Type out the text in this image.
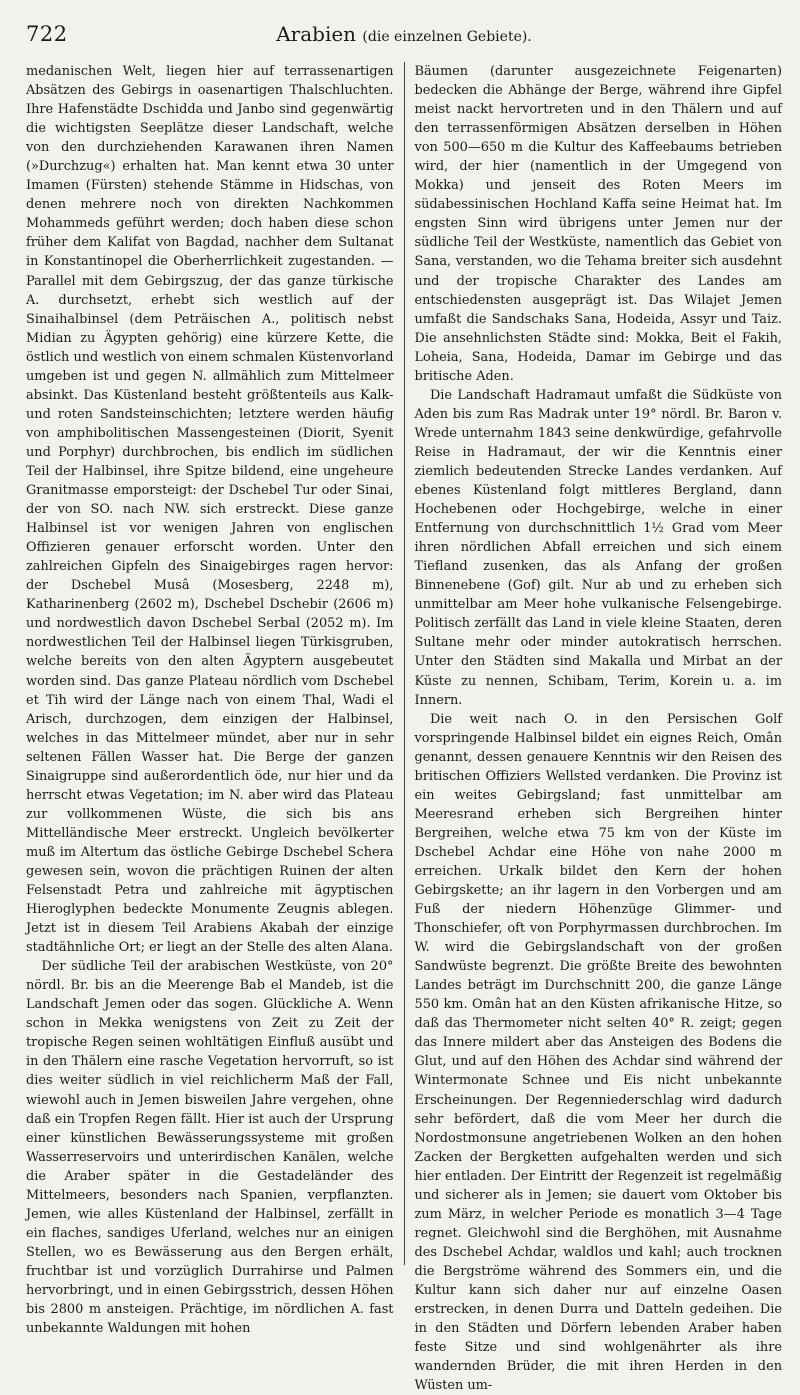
722	Arabien (die einzelnen Gebiete).

medanischen Welt, liegen hier auf terrassenartigen Absätzen des Gebirgs in oasenartigen Thalschluchten. Ihre Hafenstädte Dschidda und Janbo sind gegenwärtig die wichtigsten Seeplätze dieser Landschaft, welche von den durchziehenden Karawanen ihren Namen (»Durchzug«) erhalten hat. Man kennt etwa 30 unter Imamen (Fürsten) stehende Stämme in Hidschas, von denen mehrere noch von direkten Nachkommen Mohammeds geführt werden; doch haben diese schon früher dem Kalifat von Bagdad, nachher dem Sultanat in Konstantinopel die Oberherrlichkeit zugestanden. — Parallel mit dem Gebirgszug, der das ganze türkische A. durchsetzt, erhebt sich westlich auf der Sinaihalbinsel (dem Peträischen A., politisch nebst Midian zu Ägypten gehörig) eine kürzere Kette, die östlich und westlich von einem schmalen Küstenvorland umgeben ist und gegen N. allmählich zum Mittelmeer absinkt. Das Küstenland besteht größtenteils aus Kalk- und roten Sandsteinschichten; letztere werden häufig von amphibolitischen Massengesteinen (Diorit, Syenit und Porphyr) durchbrochen, bis endlich im südlichen Teil der Halbinsel, ihre Spitze bildend, eine ungeheure Granitmasse emporsteigt: der Dschebel Tur oder Sinai, der von SO. nach NW. sich erstreckt. Diese ganze Halbinsel ist vor wenigen Jahren von englischen Offizieren genauer erforscht worden. Unter den zahlreichen Gipfeln des Sinaigebirges ragen hervor: der Dschebel Musâ (Mosesberg, 2248 m), Katharinenberg (2602 m), Dschebel Dschebir (2606 m) und nordwestlich davon Dschebel Serbal (2052 m). Im nordwestlichen Teil der Halbinsel liegen Türkisgruben, welche bereits von den alten Ägyptern ausgebeutet worden sind. Das ganze Plateau nördlich vom Dschebel et Tih wird der Länge nach von einem Thal, Wadi el Arisch, durchzogen, dem einzigen der Halbinsel, welches in das Mittelmeer mündet, aber nur in sehr seltenen Fällen Wasser hat. Die Berge der ganzen Sinaigruppe sind außerordentlich öde, nur hier und da herrscht etwas Vegetation; im N. aber wird das Plateau zur vollkommenen Wüste, die sich bis ans Mittelländische Meer erstreckt. Ungleich bevölkerter muß im Altertum das östliche Gebirge Dschebel Schera gewesen sein, wovon die prächtigen Ruinen der alten Felsenstadt Petra und zahlreiche mit ägyptischen Hieroglyphen bedeckte Monumente Zeugnis ablegen. Jetzt ist in diesem Teil Arabiens Akabah der einzige stadtähnliche Ort; er liegt an der Stelle des alten Alana.

Der südliche Teil der arabischen Westküste, von 20° nördl. Br. bis an die Meerenge Bab el Mandeb, ist die Landschaft Jemen oder das sogen. Glückliche A. Wenn schon in Mekka wenigstens von Zeit zu Zeit der tropische Regen seinen wohltätigen Einfluß ausübt und in den Thälern eine rasche Vegetation hervorruft, so ist dies weiter südlich in viel reichlicherm Maß der Fall, wiewohl auch in Jemen bisweilen Jahre vergehen, ohne daß ein Tropfen Regen fällt. Hier ist auch der Ursprung einer künstlichen Bewässerungssysteme mit großen Wasserreservoirs und unterirdischen Kanälen, welche die Araber später in die Gestadeländer des Mittelmeers, besonders nach Spanien, verpflanzten. Jemen, wie alles Küstenland der Halbinsel, zerfällt in ein flaches, sandiges Uferland, welches nur an einigen Stellen, wo es Bewässerung aus den Bergen erhält, fruchtbar ist und vorzüglich Durrahirse und Palmen hervorbringt, und in einen Gebirgsstrich, dessen Höhen bis 2800 m ansteigen. Prächtige, im nördlichen A. fast unbekannte Waldungen mit hohen

Bäumen (darunter ausgezeichnete Feigenarten) bedecken die Abhänge der Berge, während ihre Gipfel meist nackt hervortreten und in den Thälern und auf den terrassenförmigen Absätzen derselben in Höhen von 500—650 m die Kultur des Kaffeebaums betrieben wird, der hier (namentlich in der Umgegend von Mokka) und jenseit des Roten Meers im südabessinischen Hochland Kaffa seine Heimat hat. Im engsten Sinn wird übrigens unter Jemen nur der südliche Teil der Westküste, namentlich das Gebiet von Sana, verstanden, wo die Tehama breiter sich ausdehnt und der tropische Charakter des Landes am entschiedensten ausgeprägt ist. Das Wilajet Jemen umfaßt die Sandschaks Sana, Hodeida, Assyr und Taiz. Die ansehnlichsten Städte sind: Mokka, Beit el Fakih, Loheia, Sana, Hodeida, Damar im Gebirge und das britische Aden.

Die Landschaft Hadramaut umfaßt die Südküste von Aden bis zum Ras Madrak unter 19° nördl. Br. Baron v. Wrede unternahm 1843 seine denkwürdige, gefahrvolle Reise in Hadramaut, der wir die Kenntnis einer ziemlich bedeutenden Strecke Landes verdanken. Auf ebenes Küstenland folgt mittleres Bergland, dann Hochebenen oder Hochgebirge, welche in einer Entfernung von durchschnittlich 1½ Grad vom Meer ihren nördlichen Abfall erreichen und sich einem Tiefland zusenken, das als Anfang der großen Binnenebene (Gof) gilt. Nur ab und zu erheben sich unmittelbar am Meer hohe vulkanische Felsengebirge. Politisch zerfällt das Land in viele kleine Staaten, deren Sultane mehr oder minder autokratisch herrschen. Unter den Städten sind Makalla und Mirbat an der Küste zu nennen, Schibam, Terim, Korein u. a. im Innern.

Die weit nach O. in den Persischen Golf vorspringende Halbinsel bildet ein eignes Reich, Omân genannt, dessen genauere Kenntnis wir den Reisen des britischen Offiziers Wellsted verdanken. Die Provinz ist ein weites Gebirgsland; fast unmittelbar am Meeresrand erheben sich Bergreihen hinter Bergreihen, welche etwa 75 km von der Küste im Dschebel Achdar eine Höhe von nahe 2000 m erreichen. Urkalk bildet den Kern der hohen Gebirgskette; an ihr lagern in den Vorbergen und am Fuß der niedern Höhenzüge Glimmer- und Thonschiefer, oft von Porphyrmassen durchbrochen. Im W. wird die Gebirgslandschaft von der großen Sandwüste begrenzt. Die größte Breite des bewohnten Landes beträgt im Durchschnitt 200, die ganze Länge 550 km. Omân hat an den Küsten afrikanische Hitze, so daß das Thermometer nicht selten 40° R. zeigt; gegen das Innere mildert aber das Ansteigen des Bodens die Glut, und auf den Höhen des Achdar sind während der Wintermonate Schnee und Eis nicht unbekannte Erscheinungen. Der Regenniederschlag wird dadurch sehr befördert, daß die vom Meer her durch die Nordostmonsune angetriebenen Wolken an den hohen Zacken der Bergketten aufgehalten werden und sich hier entladen. Der Eintritt der Regenzeit ist regelmäßig und sicherer als in Jemen; sie dauert vom Oktober bis zum März, in welcher Periode es monatlich 3—4 Tage regnet. Gleichwohl sind die Berghöhen, mit Ausnahme des Dschebel Achdar, waldlos und kahl; auch trocknen die Bergströme während des Sommers ein, und die Kultur kann sich daher nur auf einzelne Oasen erstrecken, in denen Durra und Datteln gedeihen. Die in den Städten und Dörfern lebenden Araber haben feste Sitze und sind wohlgenährter als ihre wandernden Brüder, die mit ihren Herden in den Wüsten um-
